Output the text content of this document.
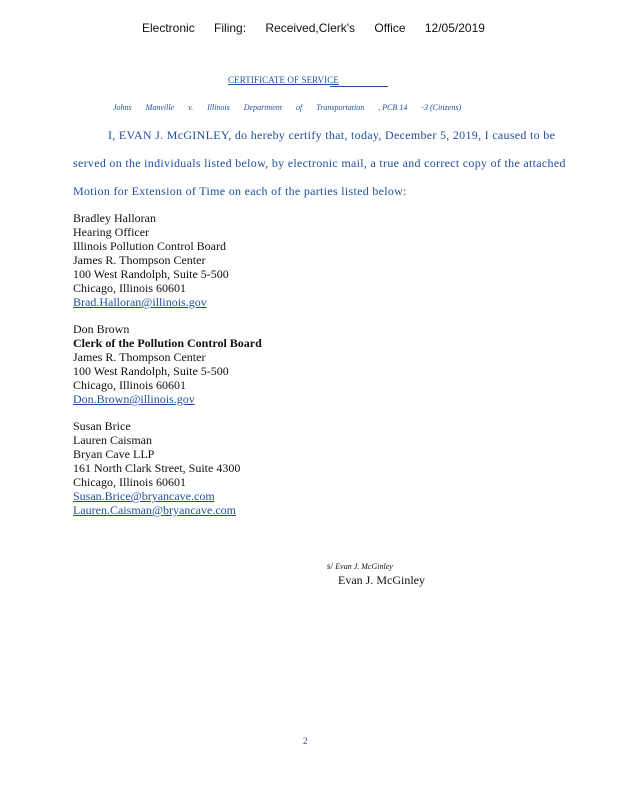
Electronic Filing: Received,Clerk's Office 12/05/2019
CERTIFICATE OF SERVICE
Johns Manville v. Illinois Department of Transportation , PCB 14 -3 (Citizens)
I, EVAN J. McGINLEY, do hereby certify that, today, December 5, 2019, I caused to be
served on the individuals listed below, by electronic mail, a true and correct copy of the attached
Motion for Extension of Time on each of the parties listed below:
Bradley Halloran
Hearing Officer
Illinois Pollution Control Board
James R. Thompson Center
100 West Randolph, Suite 5-500
Chicago, Illinois 60601
Brad.Halloran@illinois.gov
Don Brown
Clerk of the Pollution Control Board
James R. Thompson Center
100 West Randolph, Suite 5-500
Chicago, Illinois 60601
Don.Brown@illinois.gov
Susan Brice
Lauren Caisman
Bryan Cave LLP
161 North Clark Street, Suite 4300
Chicago, Illinois 60601
Susan.Brice@bryancave.com
Lauren.Caisman@bryancave.com
s/ Evan J. McGinley
Evan J. McGinley
2
